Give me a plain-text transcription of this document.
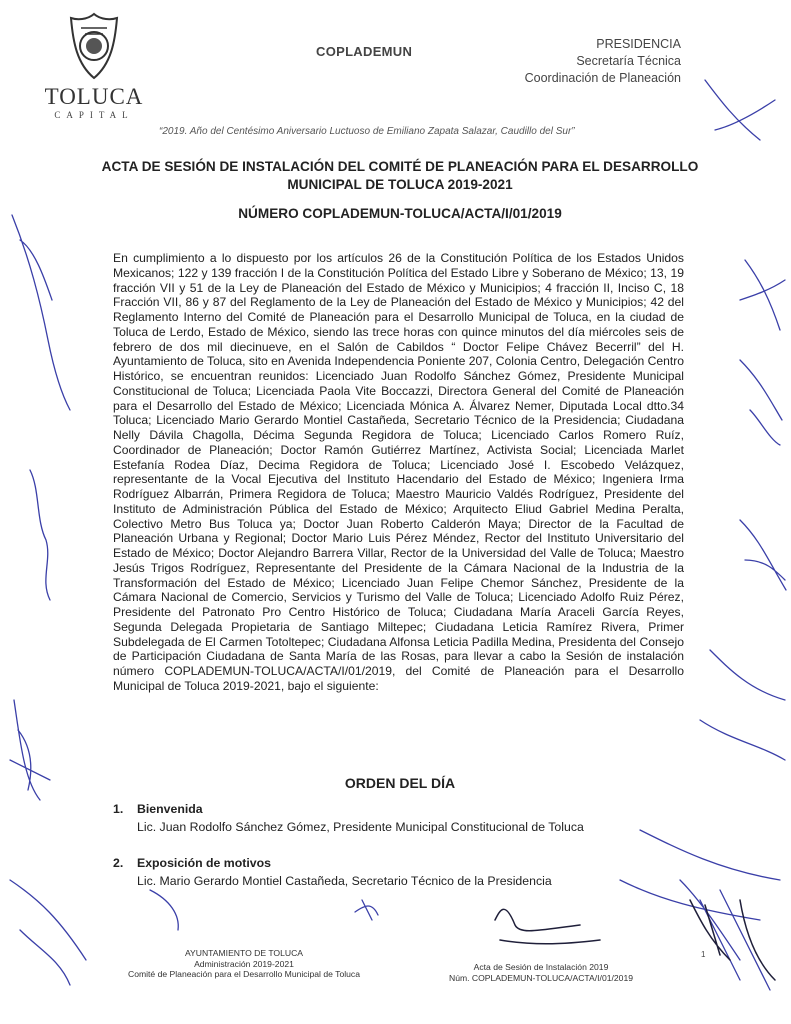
TOLUCA
CAPITAL
COPLADEMUN	PRESIDENCIA
Secretaría Técnica
Coordinación de Planeación
“2019. Año del Centésimo Aniversario Luctuoso de Emiliano Zapata Salazar, Caudillo del Sur”
ACTA DE SESIÓN DE INSTALACIÓN DEL COMITÉ DE PLANEACIÓN PARA EL DESARROLLO MUNICIPAL DE TOLUCA 2019-2021
NÚMERO COPLADEMUN-TOLUCA/ACTA/I/01/2019
En cumplimiento a lo dispuesto por los artículos 26 de la Constitución Política de los Estados Unidos Mexicanos; 122 y 139 fracción I de la Constitución Política del Estado Libre y Soberano de México; 13, 19 fracción VII y 51 de la Ley de Planeación del Estado de México y Municipios; 4 fracción II, Inciso C, 18 Fracción VII, 86 y 87 del Reglamento de la Ley de Planeación del Estado de México y Municipios; 42 del Reglamento Interno del Comité de Planeación para el Desarrollo Municipal de Toluca, en la ciudad de Toluca de Lerdo, Estado de México, siendo las trece horas con quince minutos del día miércoles seis de febrero de dos mil diecinueve, en el Salón de Cabildos “ Doctor Felipe Chávez Becerril” del H. Ayuntamiento de Toluca, sito en Avenida Independencia Poniente 207, Colonia Centro, Delegación Centro Histórico, se encuentran reunidos: Licenciado Juan Rodolfo Sánchez Gómez, Presidente Municipal Constitucional de Toluca; Licenciada Paola Vite Boccazzi, Directora General del Comité de Planeación para el Desarrollo del Estado de México; Licenciada Mónica A. Álvarez Nemer, Diputada Local dtto.34 Toluca; Licenciado Mario Gerardo Montiel Castañeda, Secretario Técnico de la Presidencia; Ciudadana Nelly Dávila Chagolla, Décima Segunda Regidora de Toluca; Licenciado Carlos Romero Ruíz, Coordinador de Planeación; Doctor Ramón Gutiérrez Martínez, Activista Social; Licenciada Marlet Estefanía Rodea Díaz, Decima Regidora de Toluca; Licenciado José I. Escobedo Velázquez, representante de la Vocal Ejecutiva del Instituto Hacendario del Estado de México; Ingeniera Irma Rodríguez Albarrán, Primera Regidora de Toluca; Maestro Mauricio Valdés Rodríguez, Presidente del Instituto de Administración Pública del Estado de México; Arquitecto Eliud Gabriel Medina Peralta, Colectivo Metro Bus Toluca ya; Doctor Juan Roberto Calderón Maya; Director de la Facultad de Planeación Urbana y Regional; Doctor Mario Luis Pérez Méndez, Rector del Instituto Universitario del Estado de México; Doctor Alejandro Barrera Villar, Rector de la Universidad del Valle de Toluca; Maestro Jesús Trigos Rodríguez, Representante del Presidente de la Cámara Nacional de la Industria de la Transformación del Estado de México; Licenciado Juan Felipe Chemor Sánchez, Presidente de la Cámara Nacional de Comercio, Servicios y Turismo del Valle de Toluca; Licenciado Adolfo Ruiz Pérez, Presidente del Patronato Pro Centro Histórico de Toluca; Ciudadana María Araceli García Reyes, Segunda Delegada Propietaria de Santiago Miltepec; Ciudadana Leticia Ramírez Rivera, Primer Subdelegada de El Carmen Totoltepec; Ciudadana Alfonsa Leticia Padilla Medina, Presidenta del Consejo de Participación Ciudadana de Santa María de las Rosas, para llevar a cabo la Sesión de instalación número COPLADEMUN-TOLUCA/ACTA/I/01/2019, del Comité de Planeación para el Desarrollo Municipal de Toluca 2019-2021, bajo el siguiente:
ORDEN DEL DÍA
1. Bienvenida
Lic. Juan Rodolfo Sánchez Gómez, Presidente Municipal Constitucional de Toluca
2. Exposición de motivos
Lic. Mario Gerardo Montiel Castañeda, Secretario Técnico de la Presidencia
AYUNTAMIENTO DE TOLUCA
Administración 2019-2021
Comité de Planeación para el Desarrollo Municipal de Toluca
Acta de Sesión de Instalación 2019
Núm. COPLADEMUN-TOLUCA/ACTA/I/01/2019
1
